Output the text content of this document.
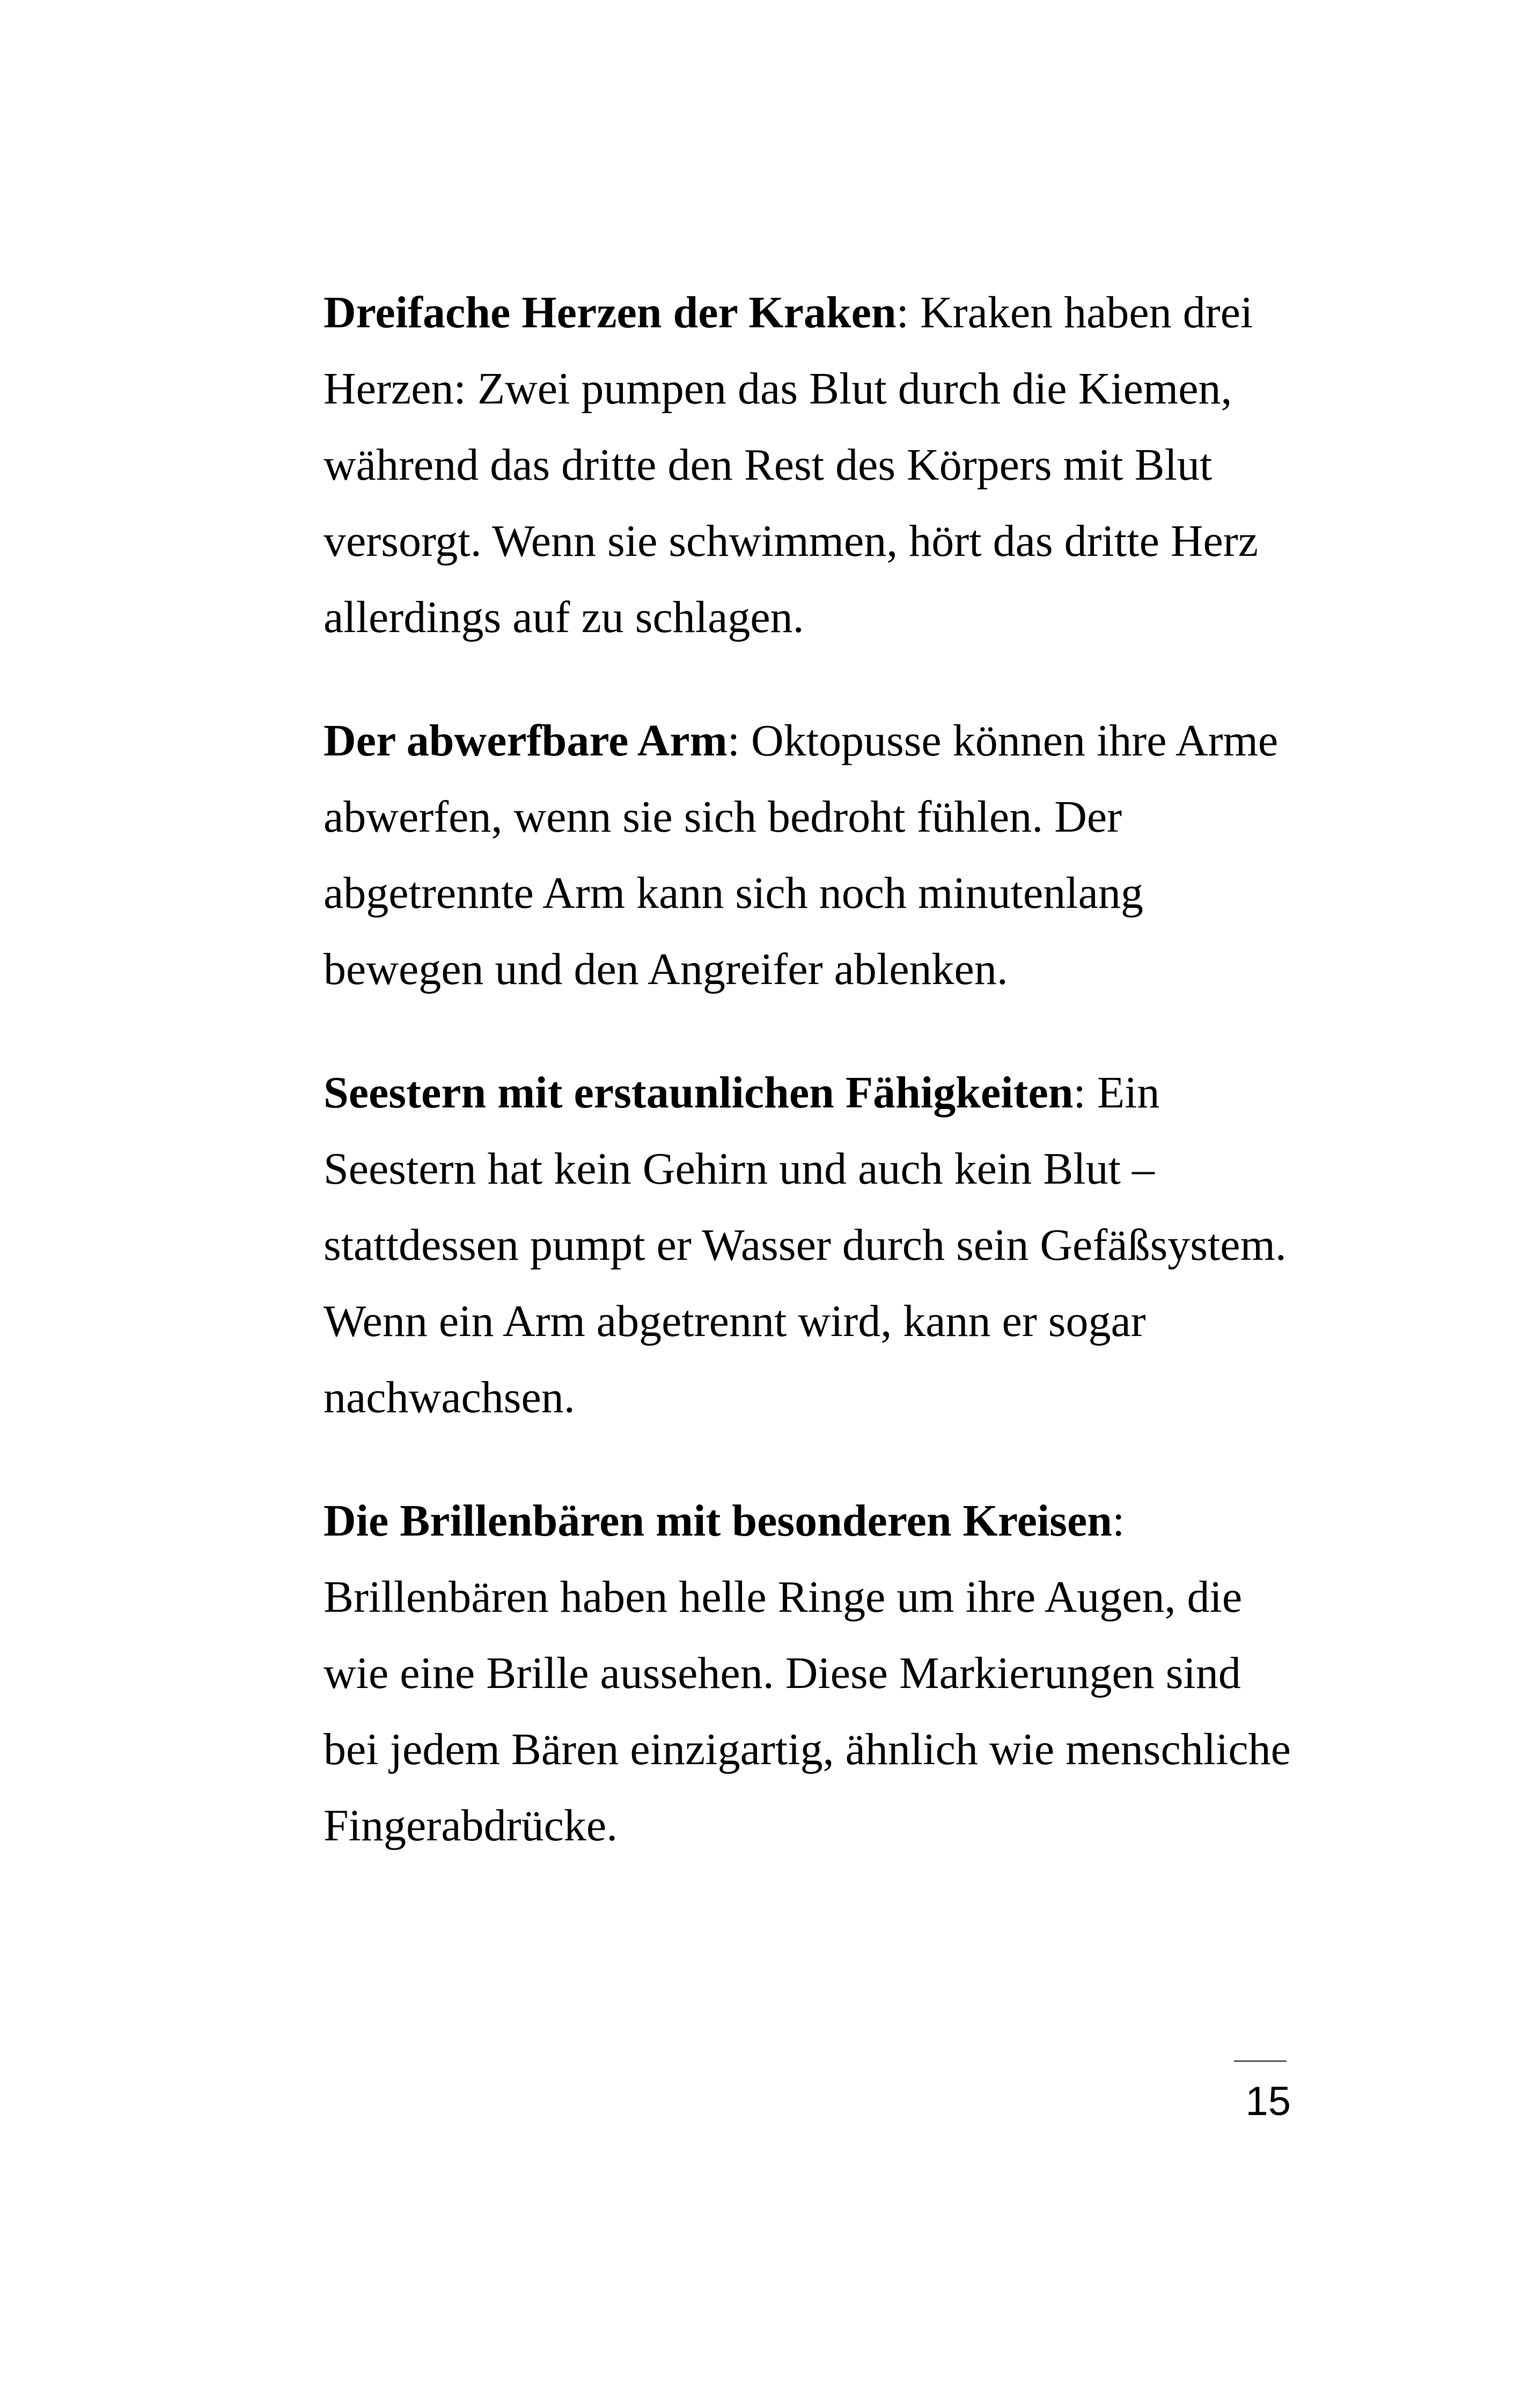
Dreifache Herzen der Kraken: Kraken haben drei
Herzen: Zwei pumpen das Blut durch die Kiemen,
während das dritte den Rest des Körpers mit Blut
versorgt. Wenn sie schwimmen, hört das dritte Herz
allerdings auf zu schlagen.

Der abwerfbare Arm: Oktopusse können ihre Arme
abwerfen, wenn sie sich bedroht fühlen. Der
abgetrennte Arm kann sich noch minutenlang
bewegen und den Angreifer ablenken.

Seestern mit erstaunlichen Fähigkeiten: Ein
Seestern hat kein Gehirn und auch kein Blut –
stattdessen pumpt er Wasser durch sein Gefäßsystem.
Wenn ein Arm abgetrennt wird, kann er sogar
nachwachsen.

Die Brillenbären mit besonderen Kreisen:
Brillenbären haben helle Ringe um ihre Augen, die
wie eine Brille aussehen. Diese Markierungen sind
bei jedem Bären einzigartig, ähnlich wie menschliche
Fingerabdrücke.

15
